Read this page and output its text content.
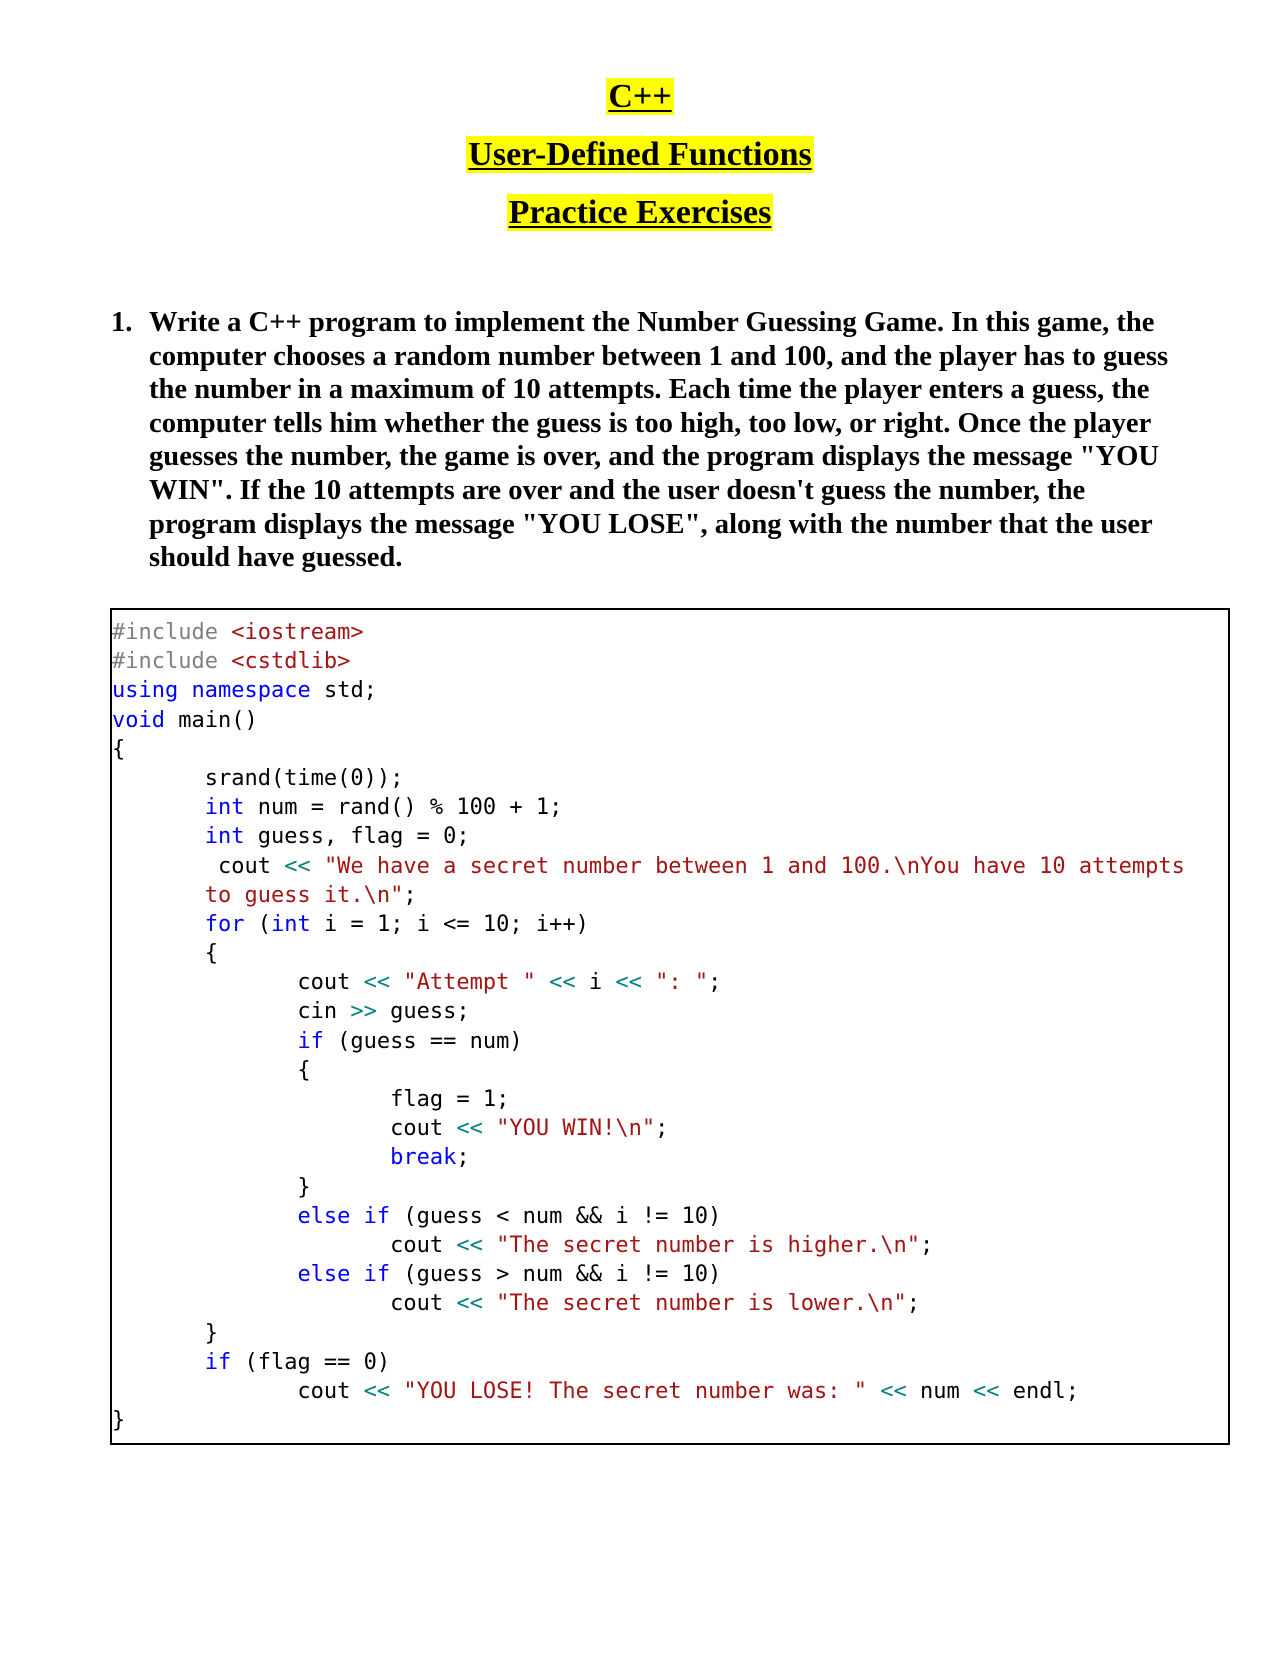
C++
User-Defined Functions
Practice Exercises
1. Write a C++ program to implement the Number Guessing Game. In this game, the computer chooses a random number between 1 and 100, and the player has to guess the number in a maximum of 10 attempts. Each time the player enters a guess, the computer tells him whether the guess is too high, too low, or right. Once the player guesses the number, the game is over, and the program displays the message "YOU WIN". If the 10 attempts are over and the user doesn't guess the number, the program displays the message "YOU LOSE", along with the number that the user should have guessed.
#include <iostream>
#include <cstdlib>
using namespace std;
void main()
{
srand(time(0));
int num = rand() % 100 + 1;
int guess, flag = 0;
cout << "We have a secret number between 1 and 100.\nYou have 10 attempts
to guess it.\n";
for (int i = 1; i <= 10; i++)
{
cout << "Attempt " << i << ": ";
cin >> guess;
if (guess == num)
{
flag = 1;
cout << "YOU WIN!\n";
break;
}
else if (guess < num && i != 10)
cout << "The secret number is higher.\n";
else if (guess > num && i != 10)
cout << "The secret number is lower.\n";
}
if (flag == 0)
cout << "YOU LOSE! The secret number was: " << num << endl;
}
